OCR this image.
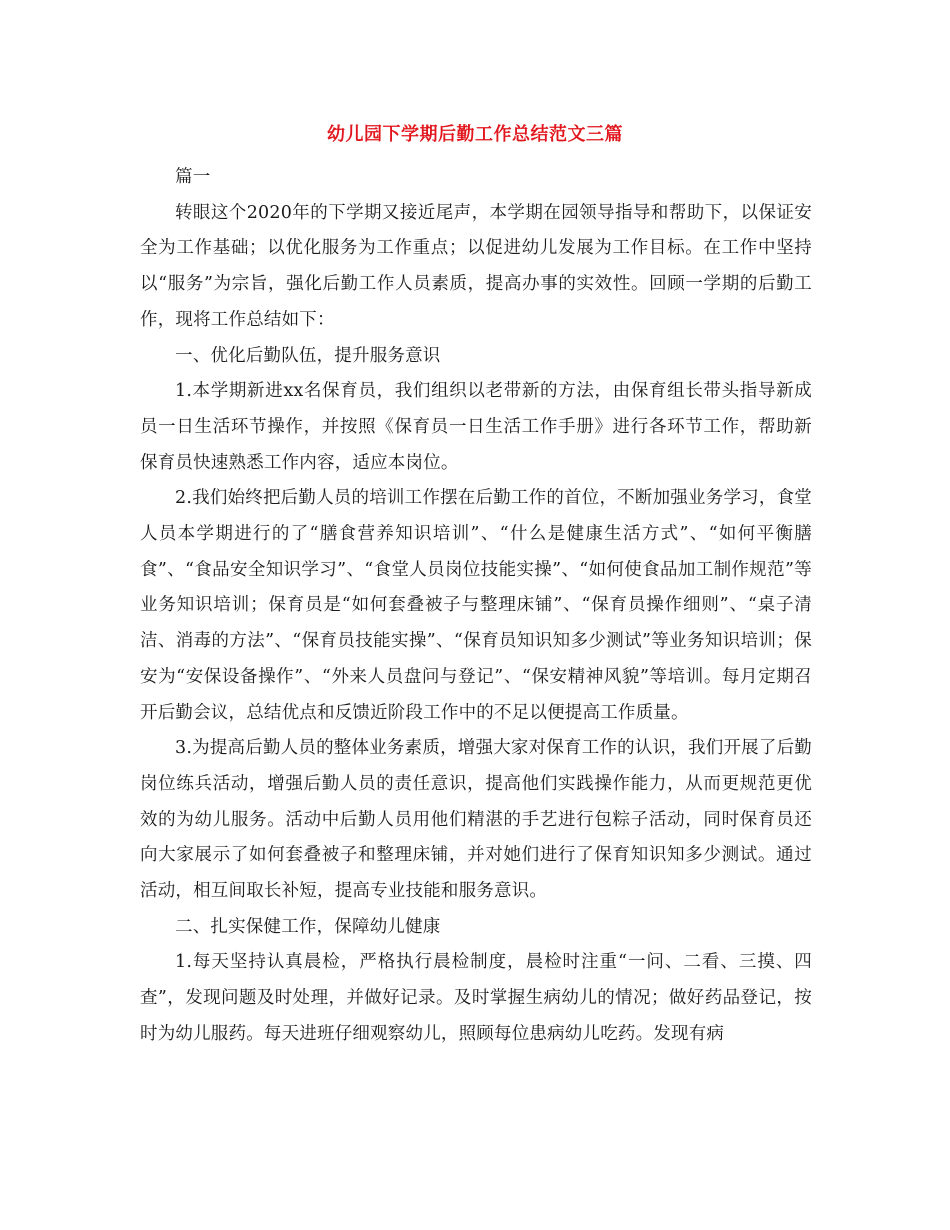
幼儿园下学期后勤工作总结范文三篇

篇一

转眼这个2020年的下学期又接近尾声，本学期在园领导指导和帮助下，以保证安全为工作基础；以优化服务为工作重点；以促进幼儿发展为工作目标。在工作中坚持以“服务”为宗旨，强化后勤工作人员素质，提高办事的实效性。回顾一学期的后勤工作，现将工作总结如下：

一、优化后勤队伍，提升服务意识

1.本学期新进xx名保育员，我们组织以老带新的方法，由保育组长带头指导新成员一日生活环节操作，并按照《保育员一日生活工作手册》进行各环节工作，帮助新保育员快速熟悉工作内容，适应本岗位。

2.我们始终把后勤人员的培训工作摆在后勤工作的首位，不断加强业务学习，食堂人员本学期进行的了“膳食营养知识培训”、“什么是健康生活方式”、“如何平衡膳食”、“食品安全知识学习”、“食堂人员岗位技能实操”、“如何使食品加工制作规范”等业务知识培训；保育员是“如何套叠被子与整理床铺”、“保育员操作细则”、“桌子清洁、消毒的方法”、“保育员技能实操”、“保育员知识知多少测试”等业务知识培训；保安为“安保设备操作”、“外来人员盘问与登记”、“保安精神风貌”等培训。每月定期召开后勤会议，总结优点和反馈近阶段工作中的不足以便提高工作质量。

3.为提高后勤人员的整体业务素质，增强大家对保育工作的认识，我们开展了后勤岗位练兵活动，增强后勤人员的责任意识，提高他们实践操作能力，从而更规范更优效的为幼儿服务。活动中后勤人员用他们精湛的手艺进行包粽子活动，同时保育员还向大家展示了如何套叠被子和整理床铺，并对她们进行了保育知识知多少测试。通过活动，相互间取长补短，提高专业技能和服务意识。

二、扎实保健工作，保障幼儿健康

1.每天坚持认真晨检，严格执行晨检制度，晨检时注重“一问、二看、三摸、四查”，发现问题及时处理，并做好记录。及时掌握生病幼儿的情况；做好药品登记，按时为幼儿服药。每天进班仔细观察幼儿，照顾每位患病幼儿吃药。发现有病
